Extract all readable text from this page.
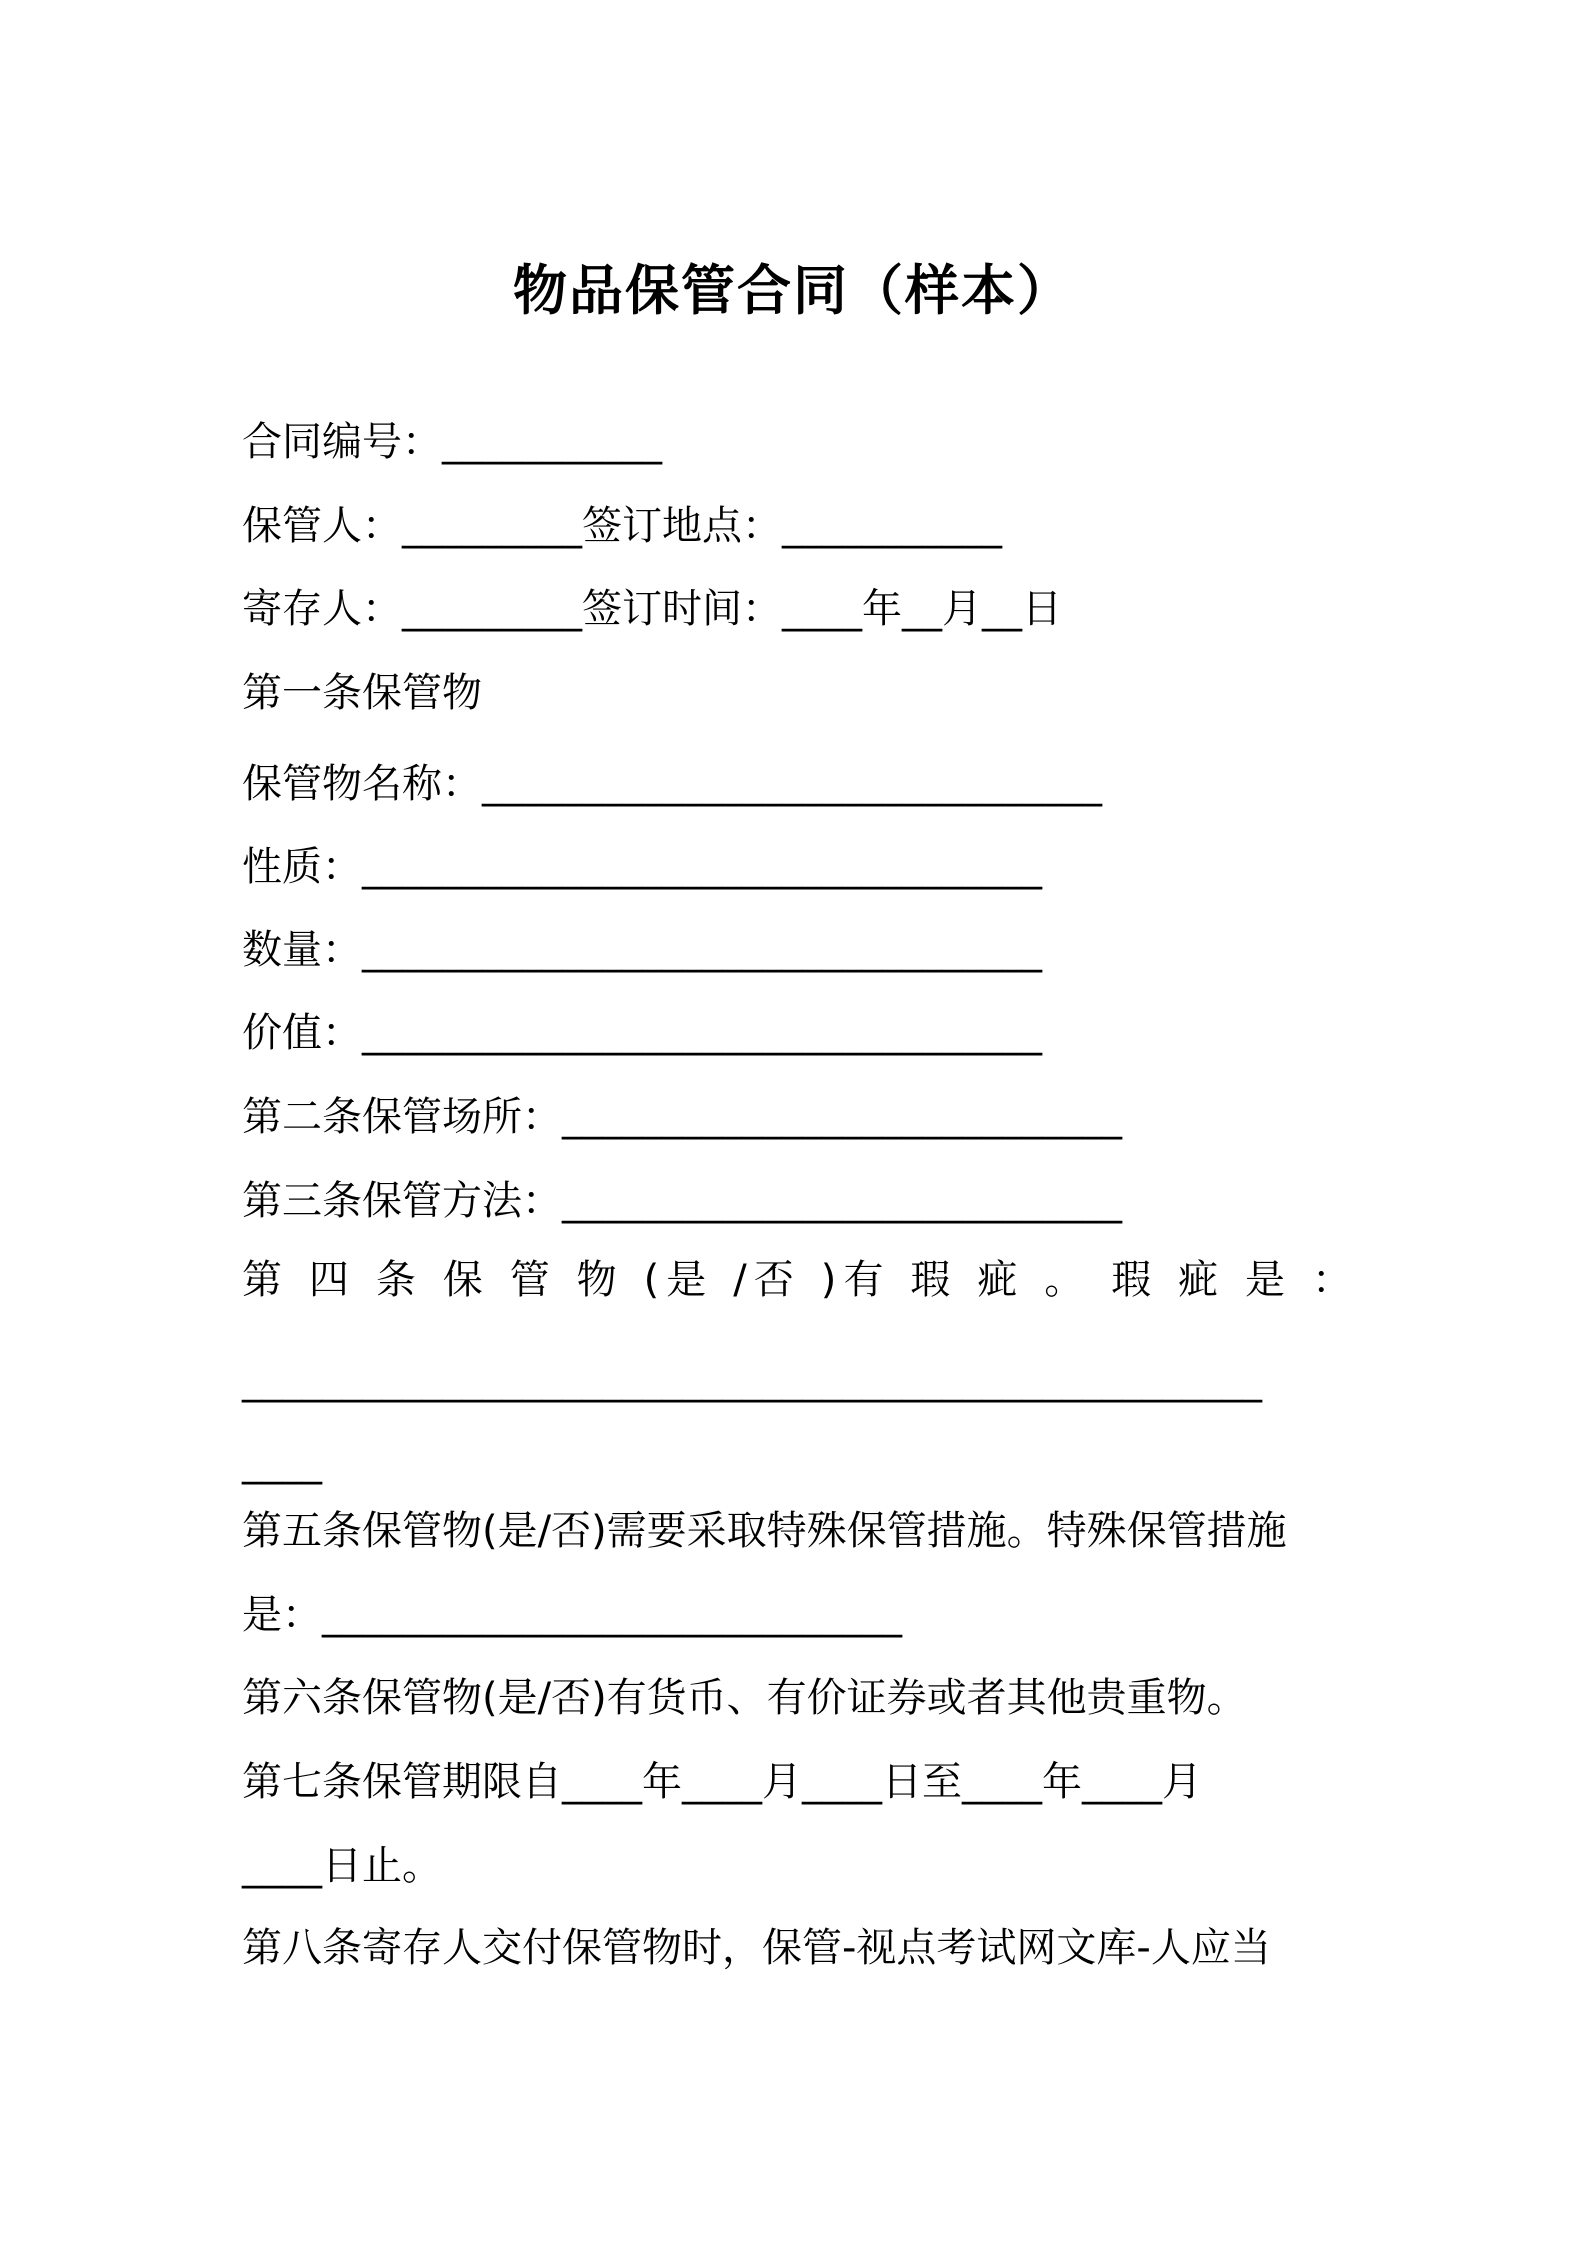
物品保管合同（样本）
合同编号：___________
保管人：_________签订地点：___________
寄存人：_________签订时间：____年__月__日
第一条保管物
保管物名称：_______________________________
性质：__________________________________
数量：__________________________________
价值：__________________________________
第二条保管场所：____________________________
第三条保管方法：____________________________
第 四 条 保 管 物 (是 /否 )有 瑕 疵 。 瑕 疵 是 ：
___________________________________________________
____
第五条保管物(是/否)需要采取特殊保管措施。特殊保管措施
是：_____________________________
第六条保管物(是/否)有货币、有价证券或者其他贵重物。
第七条保管期限自____年____月____日至____年____月
____日止。
第八条寄存人交付保管物时，保管-视点考试网文库-人应当
